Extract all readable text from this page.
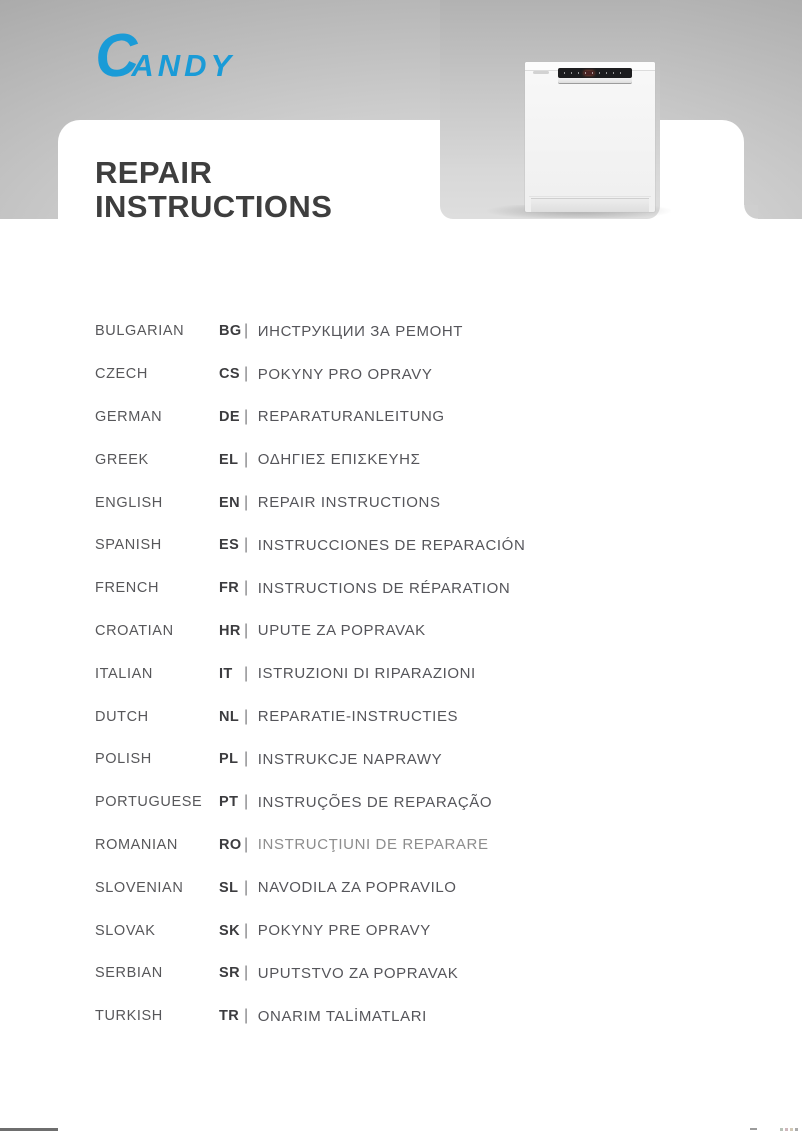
REPAIR
INSTRUCTIONS
BULGARIAN	BG | ИНСТРУКЦИИ ЗА РЕМОНТ
CZECH	CS | POKYNY PRO OPRAVY
GERMAN	DE | REPARATURANLEITUNG
GREEK	EL | ΟΔΗΓΙΕΣ ΕΠΙΣΚΕΥΗΣ
ENGLISH	EN | REPAIR INSTRUCTIONS
SPANISH	ES | INSTRUCCIONES DE REPARACIÓN
FRENCH	FR | INSTRUCTIONS DE RÉPARATION
CROATIAN	HR | UPUTE ZA POPRAVAK
ITALIAN	IT | ISTRUZIONI DI RIPARAZIONI
DUTCH	NL | REPARATIE-INSTRUCTIES
POLISH	PL | INSTRUKCJE NAPRAWY
PORTUGUESE	PT | INSTRUÇÕES DE REPARAÇÃO
ROMANIAN	RO | INSTRUCŢIUNI DE REPARARE
SLOVENIAN	SL | NAVODILA ZA POPRAVILO
SLOVAK	SK | POKYNY PRE OPRAVY
SERBIAN	SR | UPUTSTVO ZA POPRAVAK
TURKISH	TR | ONARIM TALİMATLARI
C
ANDY
